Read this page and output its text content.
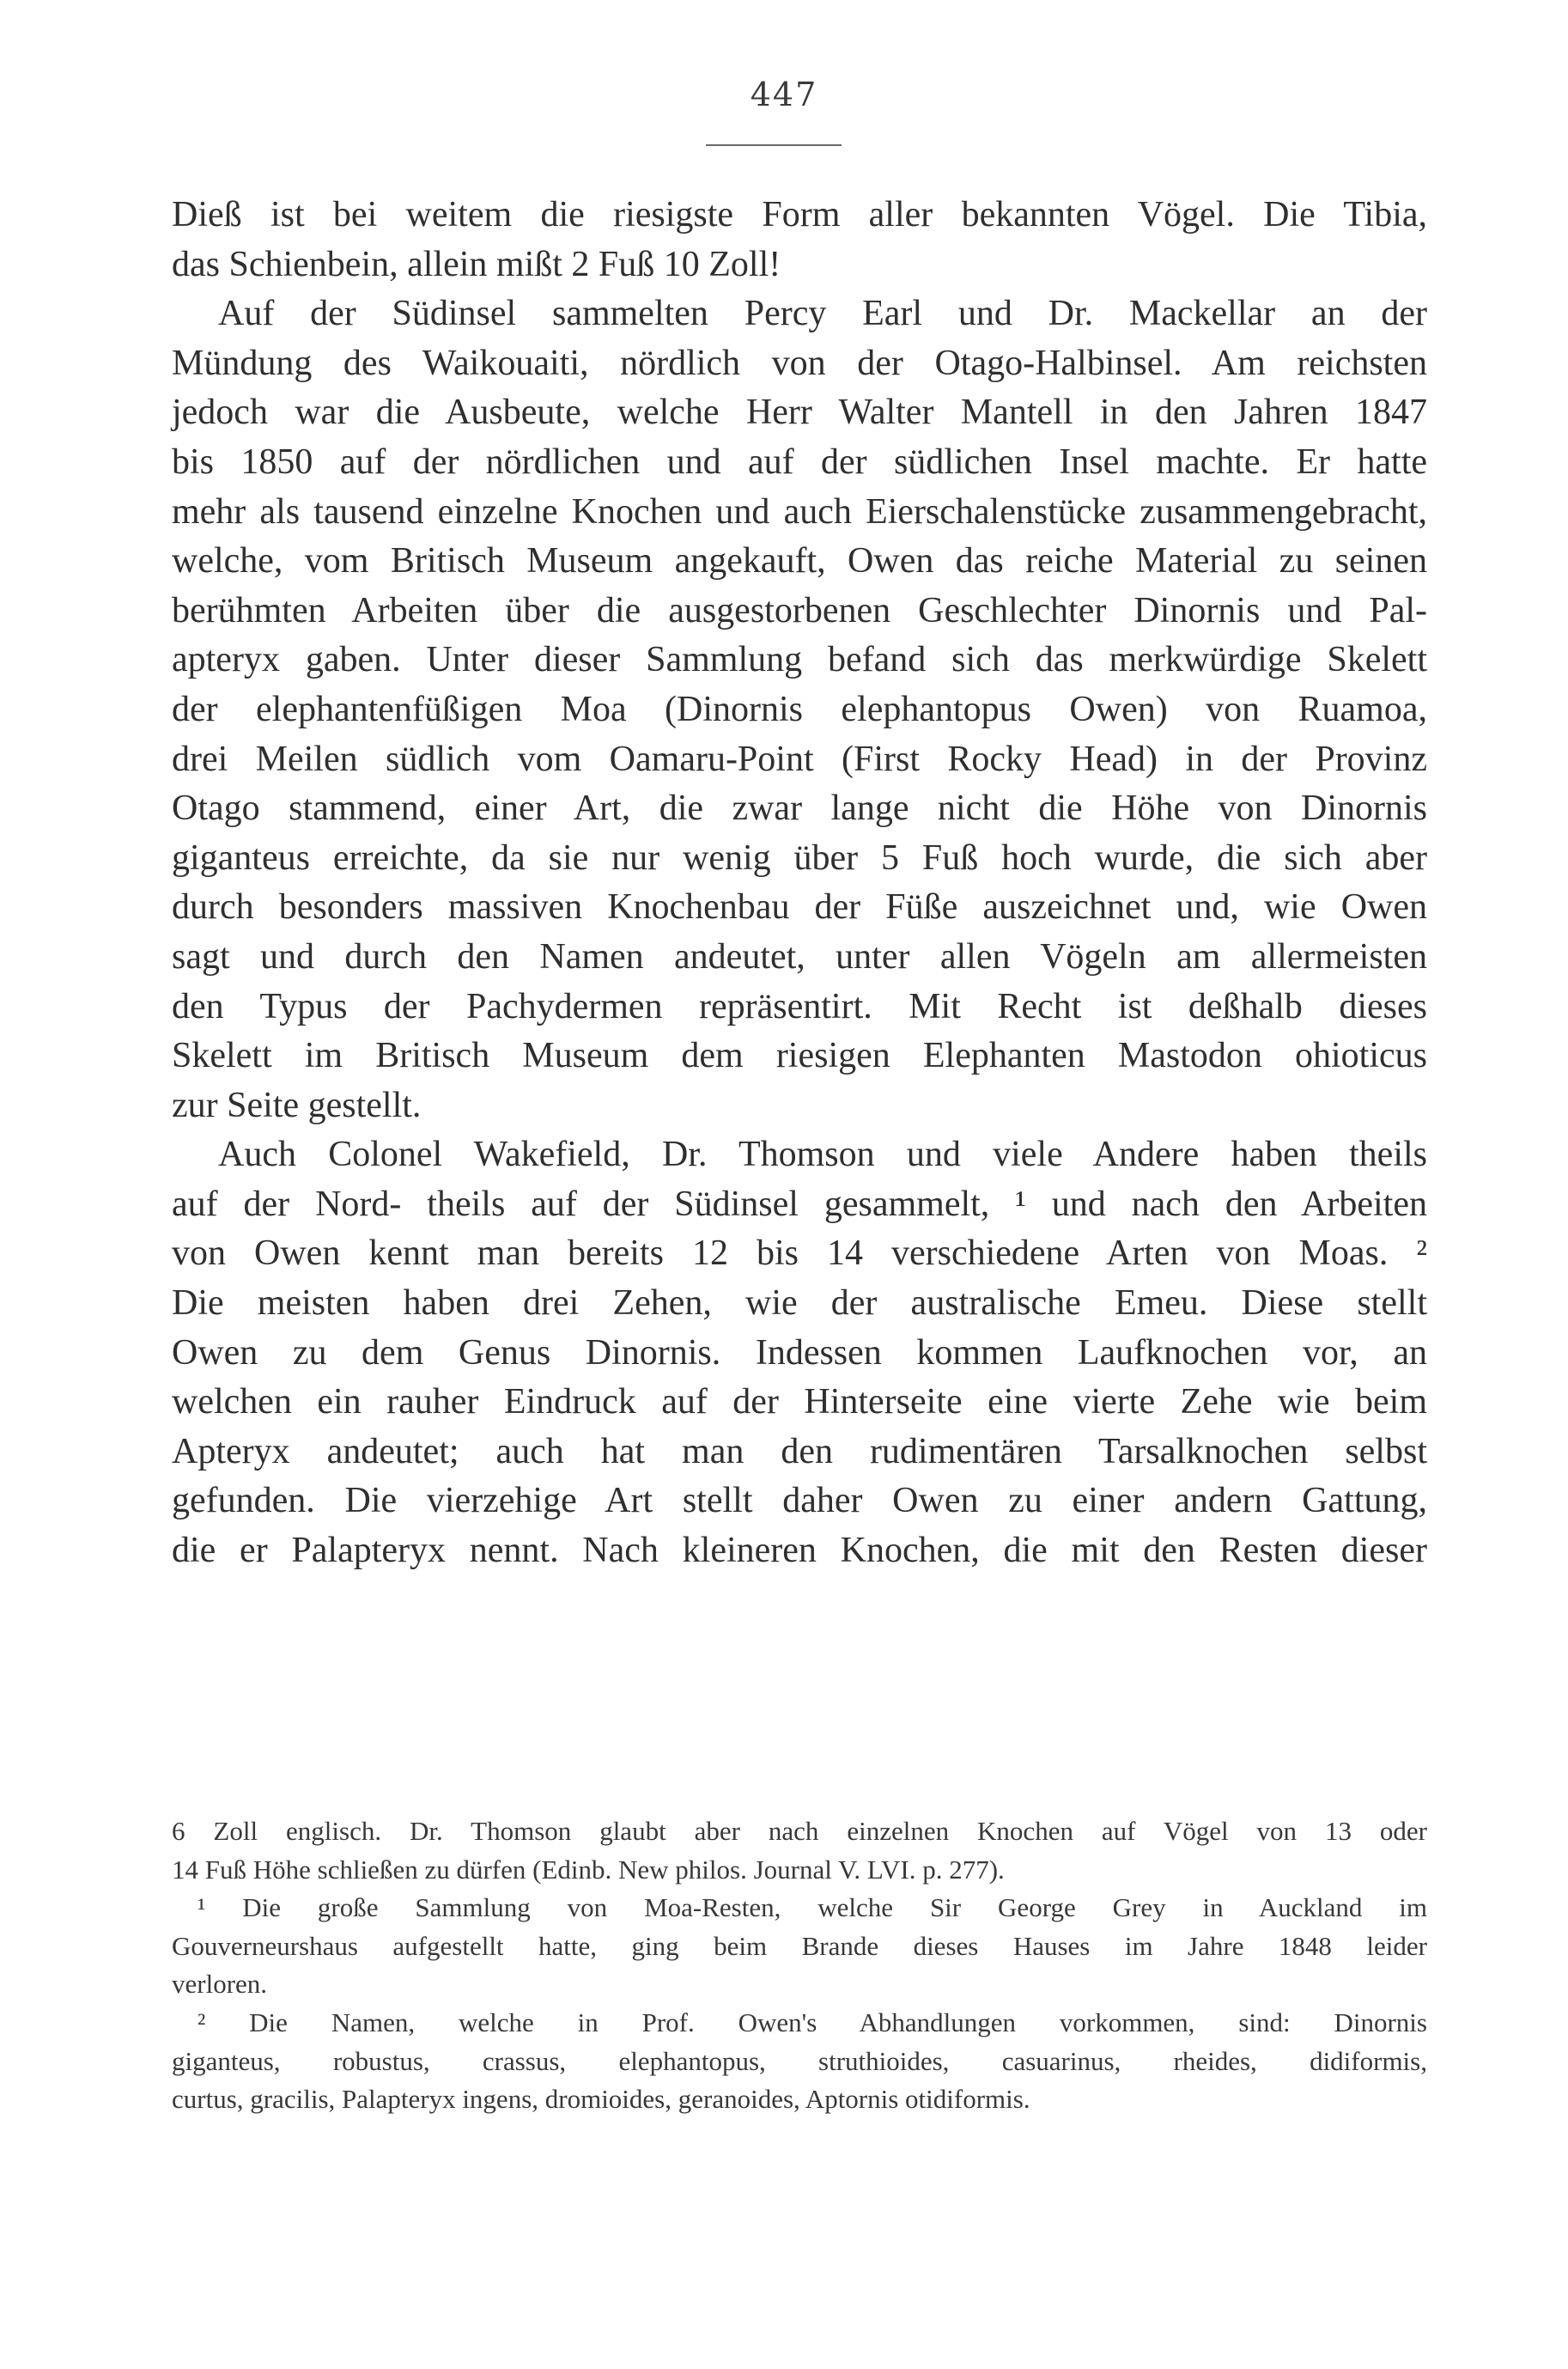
447
Dieß ist bei weitem die riesigste Form aller bekannten Vögel. Die Tibia,
das Schienbein, allein mißt 2 Fuß 10 Zoll!
Auf der Südinsel sammelten Percy Earl und Dr. Mackellar an der
Mündung des Waikouaiti, nördlich von der Otago-Halbinsel. Am reichsten
jedoch war die Ausbeute, welche Herr Walter Mantell in den Jahren 1847
bis 1850 auf der nördlichen und auf der südlichen Insel machte. Er hatte
mehr als tausend einzelne Knochen und auch Eierschalenstücke zusammengebracht,
welche, vom Britisch Museum angekauft, Owen das reiche Material zu seinen
berühmten Arbeiten über die ausgestorbenen Geschlechter Dinornis und Pal-
apteryx gaben. Unter dieser Sammlung befand sich das merkwürdige Skelett
der elephantenfüßigen Moa (Dinornis elephantopus Owen) von Ruamoa,
drei Meilen südlich vom Oamaru-Point (First Rocky Head) in der Provinz
Otago stammend, einer Art, die zwar lange nicht die Höhe von Dinornis
giganteus erreichte, da sie nur wenig über 5 Fuß hoch wurde, die sich aber
durch besonders massiven Knochenbau der Füße auszeichnet und, wie Owen
sagt und durch den Namen andeutet, unter allen Vögeln am allermeisten
den Typus der Pachydermen repräsentirt. Mit Recht ist deßhalb dieses
Skelett im Britisch Museum dem riesigen Elephanten Mastodon ohioticus
zur Seite gestellt.
Auch Colonel Wakefield, Dr. Thomson und viele Andere haben theils
auf der Nord- theils auf der Südinsel gesammelt, ¹ und nach den Arbeiten
von Owen kennt man bereits 12 bis 14 verschiedene Arten von Moas. ²
Die meisten haben drei Zehen, wie der australische Emeu. Diese stellt
Owen zu dem Genus Dinornis. Indessen kommen Laufknochen vor, an
welchen ein rauher Eindruck auf der Hinterseite eine vierte Zehe wie beim
Apteryx andeutet; auch hat man den rudimentären Tarsalknochen selbst
gefunden. Die vierzehige Art stellt daher Owen zu einer andern Gattung,
die er Palapteryx nennt. Nach kleineren Knochen, die mit den Resten dieser
6 Zoll englisch. Dr. Thomson glaubt aber nach einzelnen Knochen auf Vögel von 13 oder
14 Fuß Höhe schließen zu dürfen (Edinb. New philos. Journal V. LVI. p. 277).
¹ Die große Sammlung von Moa-Resten, welche Sir George Grey in Auckland im
Gouverneurshaus aufgestellt hatte, ging beim Brande dieses Hauses im Jahre 1848 leider
verloren.
² Die Namen, welche in Prof. Owen's Abhandlungen vorkommen, sind: Dinornis
giganteus, robustus, crassus, elephantopus, struthioides, casuarinus, rheides, didiformis,
curtus, gracilis, Palapteryx ingens, dromioides, geranoides, Aptornis otidiformis.
